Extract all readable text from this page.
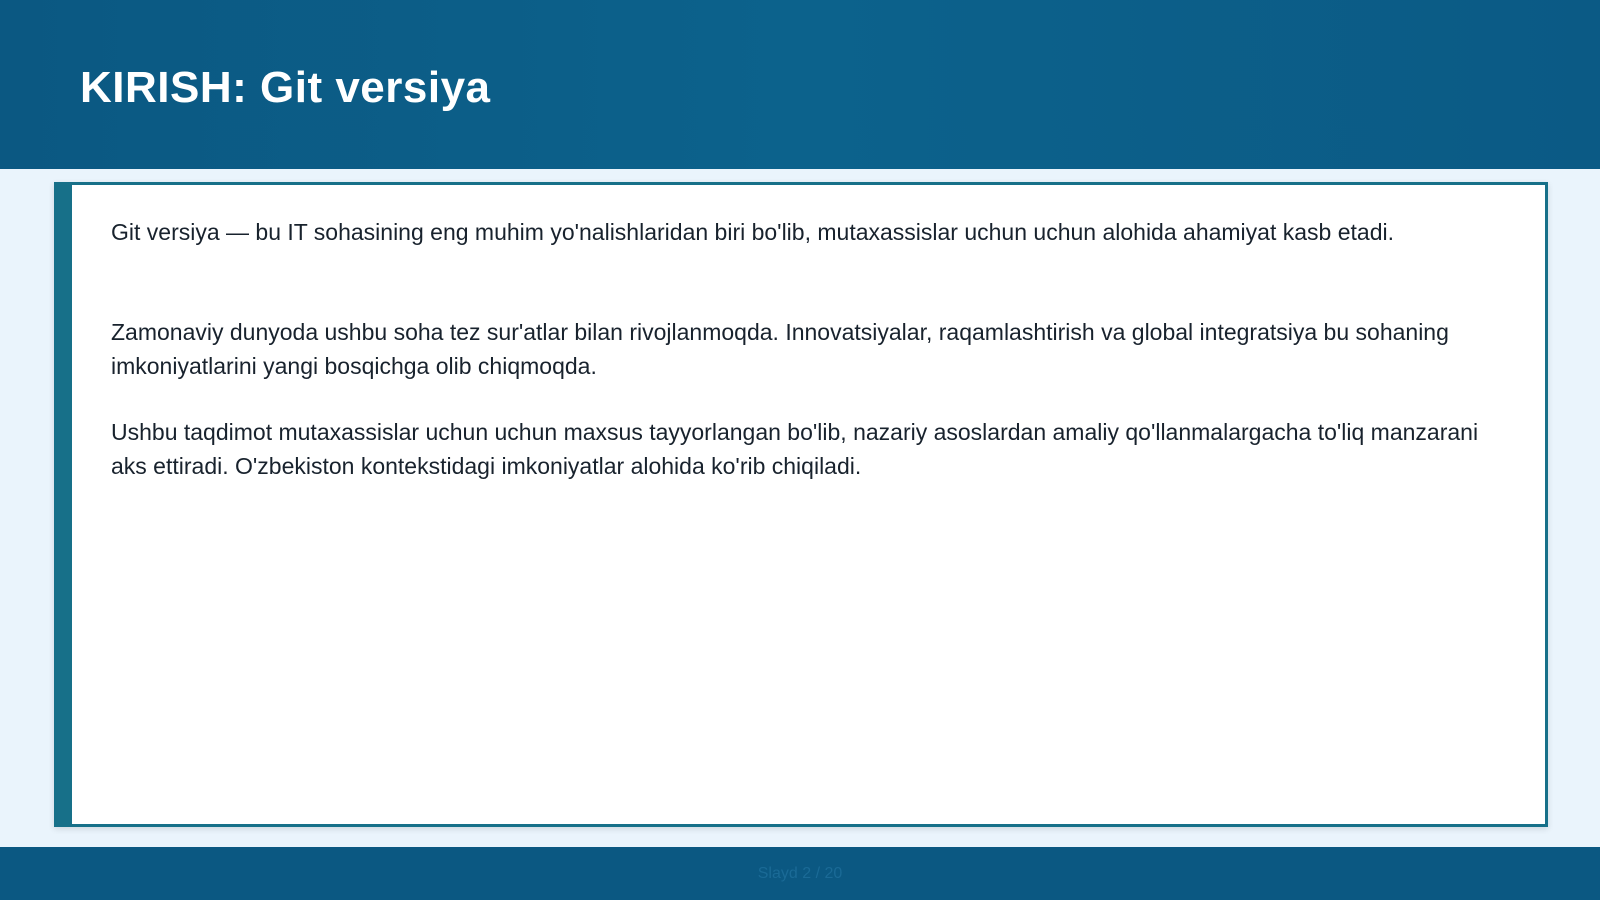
KIRISH: Git versiya

Git versiya — bu IT sohasining eng muhim yo'nalishlaridan biri bo'lib, mutaxassislar uchun uchun alohida ahamiyat kasb etadi.

Zamonaviy dunyoda ushbu soha tez sur'atlar bilan rivojlanmoqda. Innovatsiyalar, raqamlashtirish va global integratsiya bu sohaning imkoniyatlarini yangi bosqichga olib chiqmoqda.

Ushbu taqdimot mutaxassislar uchun uchun maxsus tayyorlangan bo'lib, nazariy asoslardan amaliy qo'llanmalargacha to'liq manzarani aks ettiradi. O'zbekiston kontekstidagi imkoniyatlar alohida ko'rib chiqiladi.

Slayd 2 / 20
